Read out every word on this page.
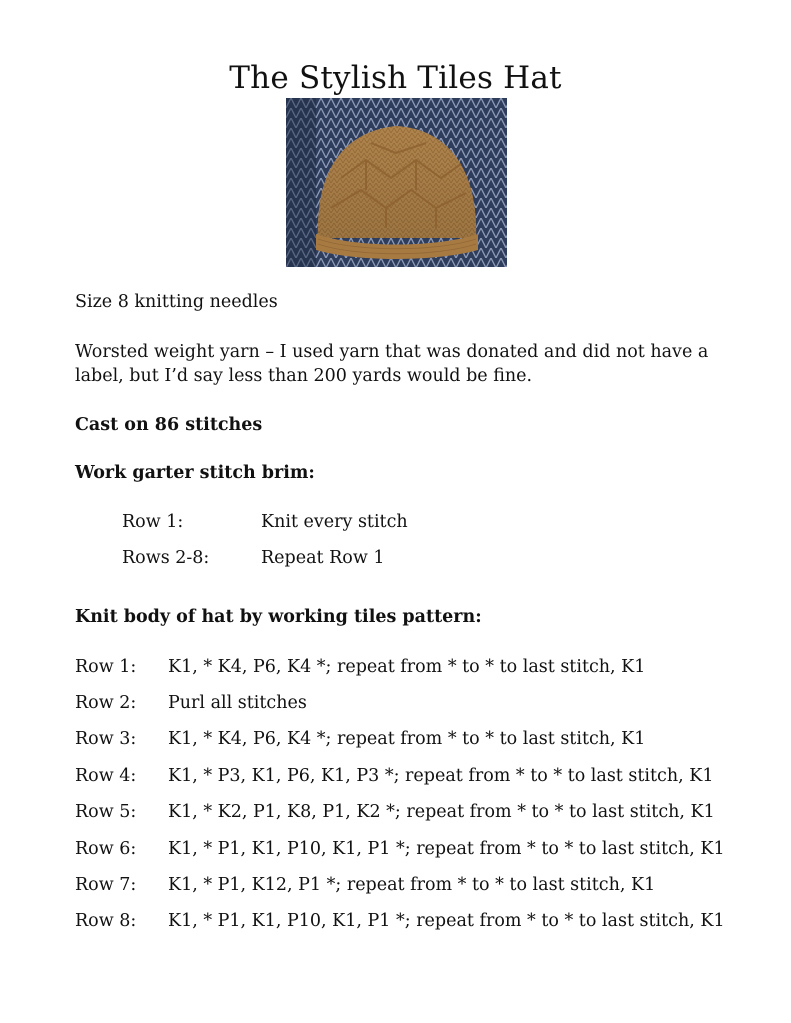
The Stylish Tiles Hat
Size 8 knitting needles
Worsted weight yarn – I used yarn that was donated and did not have a
label, but I’d say less than 200 yards would be fine.
Cast on 86 stitches
Work garter stitch brim:
Row 1:	Knit every stitch
Rows 2-8:	Repeat Row 1
Knit body of hat by working tiles pattern:
Row 1: K1, * K4, P6, K4 *; repeat from * to * to last stitch, K1
Row 2: Purl all stitches
Row 3: K1, * K4, P6, K4 *; repeat from * to * to last stitch, K1
Row 4: K1, * P3, K1, P6, K1, P3 *; repeat from * to * to last stitch, K1
Row 5: K1, * K2, P1, K8, P1, K2 *; repeat from * to * to last stitch, K1
Row 6: K1, * P1, K1, P10, K1, P1 *; repeat from * to * to last stitch, K1
Row 7: K1, * P1, K12, P1 *; repeat from * to * to last stitch, K1
Row 8: K1, * P1, K1, P10, K1, P1 *; repeat from * to * to last stitch, K1
